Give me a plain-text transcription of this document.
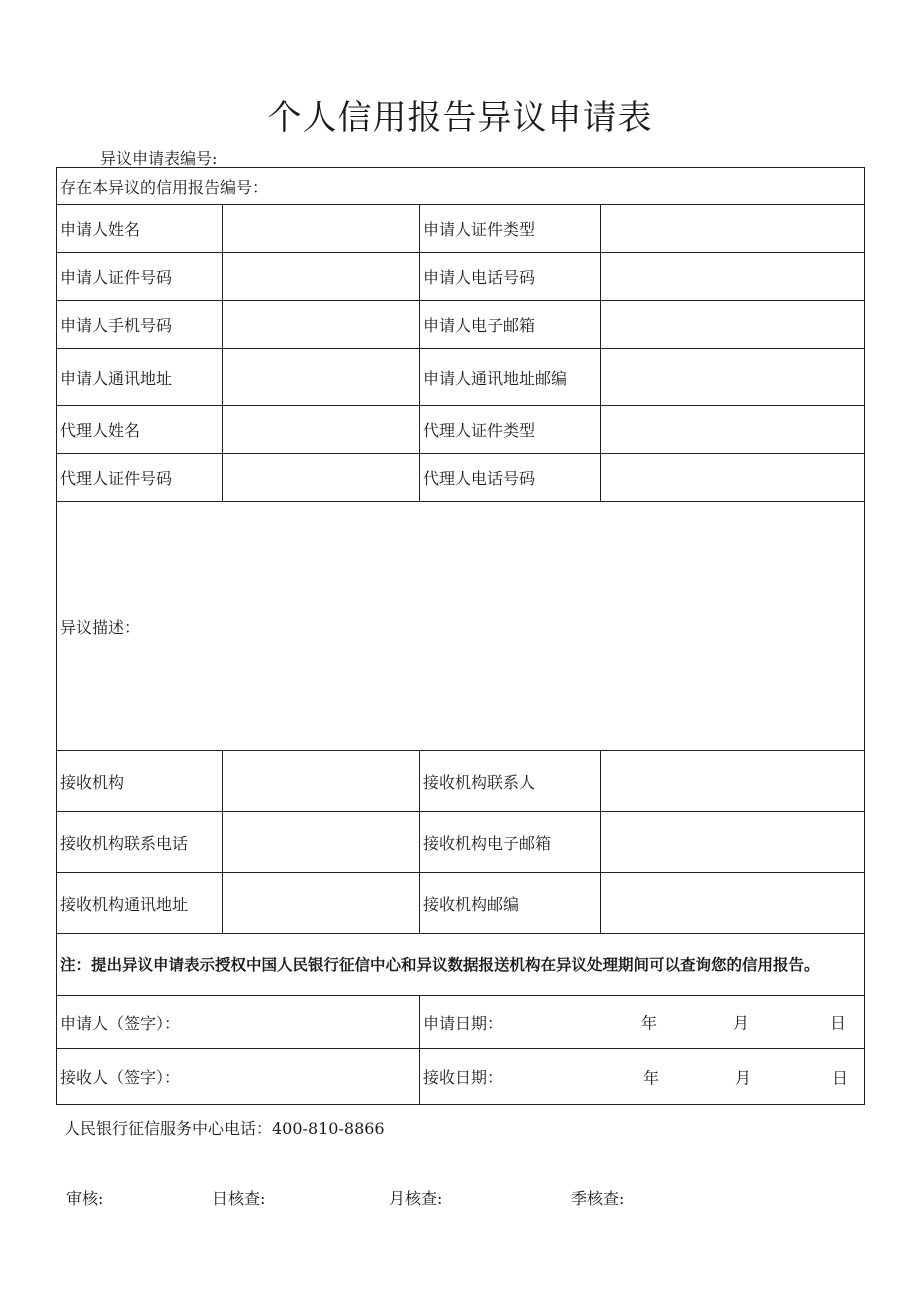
个人信用报告异议申请表
异议申请表编号:
存在本异议的信用报告编号：			
申请人姓名		申请人证件类型	
申请人证件号码		申请人电话号码	
申请人手机号码		申请人电子邮箱	
申请人通讯地址		申请人通讯地址邮编	
代理人姓名		代理人证件类型	
代理人证件号码		代理人电话号码	
异议描述：			
接收机构		接收机构联系人	
接收机构联系电话		接收机构电子邮箱	
接收机构通讯地址		接收机构邮编	
注：提出异议申请表示授权中国人民银行征信中心和异议数据报送机构在异议处理期间可以查询您的信用报告。			
申请人（签字）：		申请日期： 年 月 日	

接收人（签字）：		接收日期： 年 月 日	
人民银行征信服务中心电话：400-810-8866
审核:	日核查:	月核查:	季核查:
